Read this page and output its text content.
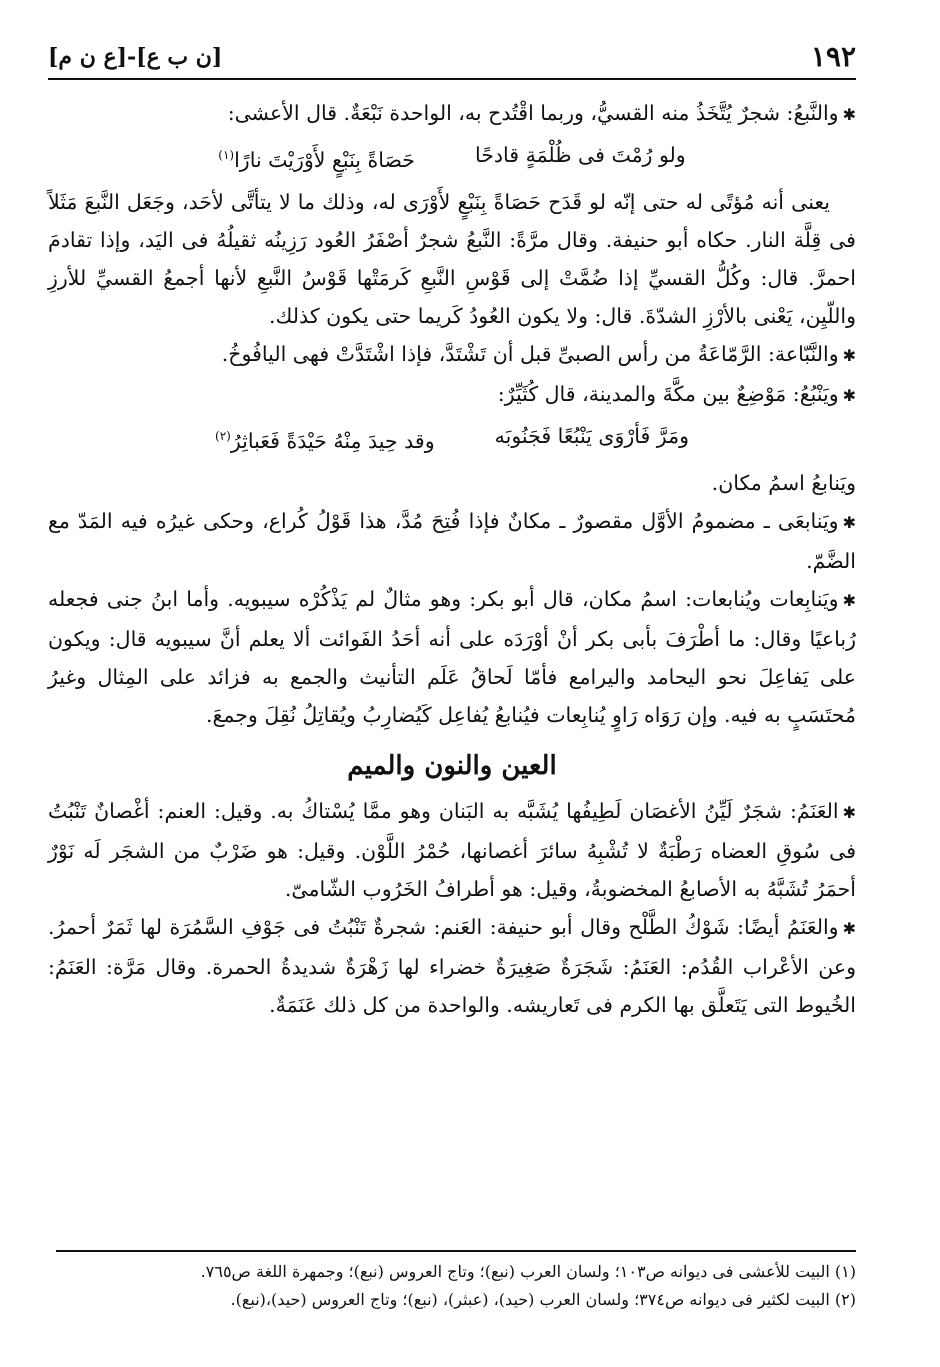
١٩٢
[ن ب ع]-[ع ن م]

✱والنَّبعُ: شجرٌ يُتَّخَذُ منه القسيُّ، وربما اقْتُدح به، الواحدة نَبْعَةٌ. قال الأعشى:

ولو رُمْتَ فى ظُلْمَةٍ قادحًا
حَصَاةً بِنَبْعٍ لأَوْرَيْتَ نارًا$^{(١)}$

يعنى أنه مُؤتًى له حتى إنّه لو قَدَح حَصَاةً بِنَبْعٍ لأَوْرَى له، وذلك ما لا يتأتَّى لأحَد، وجَعَل النَّبعَ مَثَلاً فى قِلَّة النار. حكاه أبو حنيفة. وقال مرَّةً: النَّبعُ شجرٌ أصْفَرُ العُود رَزِينُه ثقيلُهُ فى اليَد، وإذا تقادمَ احمرَّ. قال: وكُلُّ القسيِّ إذا ضُمَّتْ إلى قَوْسِ النَّبعِ كَرمَتْها قَوْسُ النَّبعِ لأنها أجمعُ القسيِّ للأرزِ واللّيِن، يَعْنى بالأرْزِ الشدّةَ. قال: ولا يكون العُودُ كَريما حتى يكون كذلك.

✱والنَّبّاعة: الرَّمّاعَةُ من رأس الصبىِّ قبل أن تَشْتَدَّ، فإذا اشْتَدَّتْ فهى اليافُوخُ.

✱ويَنْبُعُ: مَوْضِعٌ بين مكَّةَ والمدينة، قال كُثَيِّرٌ:

ومَرَّ فَأرْوَى يَنْبُعًا فَجَنُوبَه
وقد حِيدَ مِنْهُ حَيْدَةً فَعَباثِرُ$^{(٢)}$

ويَنابعُ اسمُ مكان.

✱ويَنابعَى ـ مضمومُ الأوَّل مقصورٌ ـ مكانٌ فإذا فُتِحَ مُدَّ، هذا قَوْلُ كُراع، وحكى غيرُه فيه المَدّ مع الضَّمّ.

✱ويَنابِعات ويُنابعات: اسمُ مكان، قال أبو بكر: وهو مثالٌ لم يَذْكُرْه سيبويه. وأما ابنُ جنى فجعله رُباعيًا وقال: ما أطْرَفَ بأبى بكر أنْ أوْرَدَه على أنه أحَدُ الفَوائت ألا يعلم أنَّ سيبويه قال: ويكون على يَفاعِلَ نحو اليحامد واليرامع فأمّا لَحاقُ عَلَم التأنيث والجمع به فزائد على المِثال وغيرُ مُحتَسَبٍ به فيه. وإن رَوَاه رَاوٍ يُنابِعات فيُنابعُ يُفاعِل كَيُضارِبُ ويُقاتِلُ نُقِلَ وجمعَ.

العين والنون والميم

✱العَنَمُ: شجَرٌ لَيِّنُ الأغصَان لَطِيفُها يُشَبَّه به البَنان وهو ممَّا يُسْتاكُ به. وقيل: العنم: أغْصانٌ تَنْبُتُ فى سُوقِ العضاه رَطْبَةٌ لا تُشْبِهُ سائرَ أغصانها، حُمْرُ اللَّوْن. وقيل: هو ضَرْبٌ من الشجَر لَه نَوْرٌ أحمَرُ تُشَبَّهُ به الأصابعُ المخضوبةُ، وقيل: هو أطرافُ الخَرُوب الشّامىّ.

✱والعَنَمُ أيضًا: شَوْكُ الطَّلْح وقال أبو حنيفة: العَنم: شجرةٌ تَنْبُتُ فى جَوْفِ السَّمُرَة لها ثَمَرٌ أحمرُ. وعن الأعْراب القُدُم: العَنَمُ: شَجَرَةٌ صَغِيرَةٌ خضراء لها زَهْرَةٌ شديدةُ الحمرة. وقال مَرَّة: العَنَمُ: الخُيوط التى يَتَعلَّق بها الكرم فى تَعاريشه. والواحدة من كل ذلك عَنَمَةٌ.

(١) البيت للأعشى فى ديوانه ص١٠٣؛ ولسان العرب (نبع)؛ وتاج العروس (نبع)؛ وجمهرة اللغة ص٧٦٥.

(٢) البيت لكثير فى ديوانه ص٣٧٤؛ ولسان العرب (حيد)، (عبثر)، (نبع)؛ وتاج العروس (حيد)،(نبع).
